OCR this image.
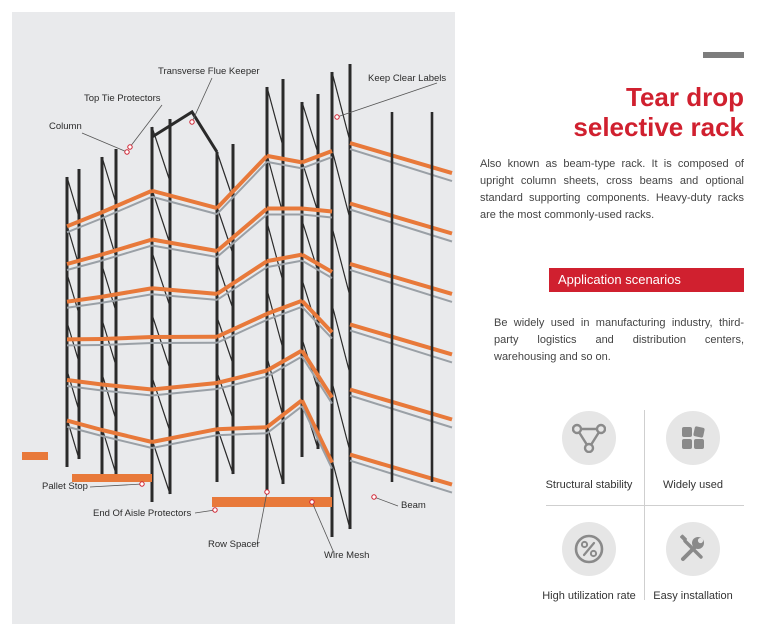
Transverse Flue Keeper
Keep Clear Labels
Top Tie Protectors
Column
Pallet Stop
End Of Aisle Protectors
Row Spacer
Wire Mesh
Beam
Tear drop
selective rack
Also known as beam-type rack. It is composed of upright column sheets, cross beams and optional standard supporting components. Heavy-duty racks are the most commonly-used racks.
Application scenarios
Be widely used in manufacturing industry, third-party logistics and distribution centers, warehousing and so on.
Structural stability	Widely used
High utilization rate	Easy installation
